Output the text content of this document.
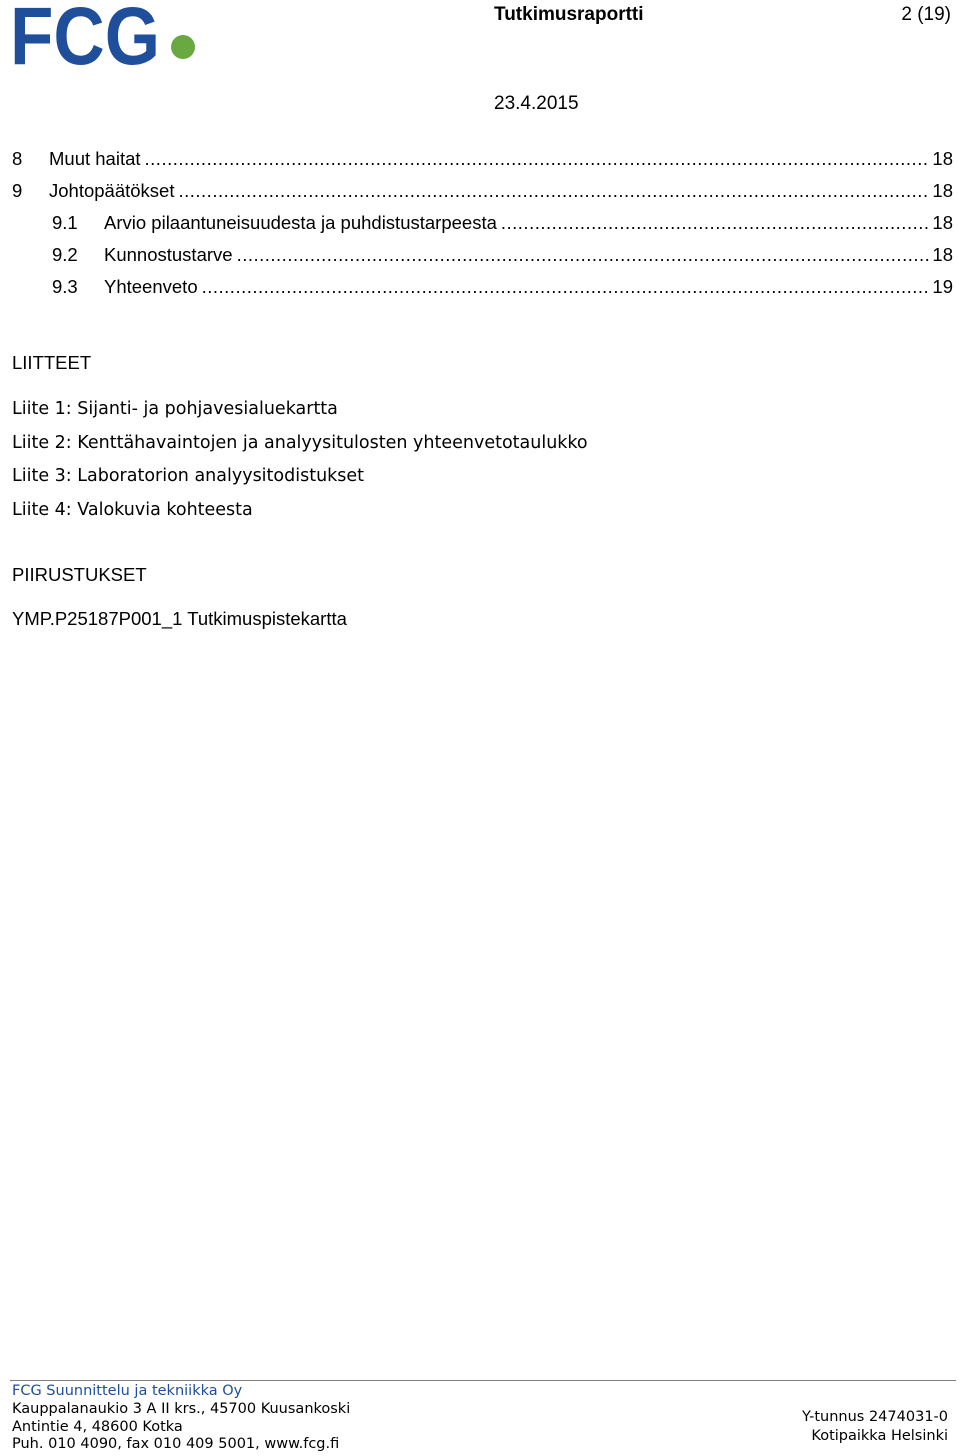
FCG	Tutkimusraportti	2 (19)
23.4.2015
8	Muut haitat .....	18
9	Johtopäätökset .....	18
9.1	Arvio pilaantuneisuudesta ja puhdistustarpeesta .....	18
9.2	Kunnostustarve .....	18
9.3	Yhteenveto .....	19
LIITTEET
Liite 1: Sijanti- ja pohjavesialuekartta
Liite 2: Kenttähavaintojen ja analyysitulosten yhteenvetotaulukko
Liite 3: Laboratorion analyysitodistukset
Liite 4: Valokuvia kohteesta
PIIRUSTUKSET
YMP.P25187P001_1 Tutkimuspistekartta
FCG Suunnittelu ja tekniikka Oy
Kauppalanaukio 3 A II krs., 45700 Kuusankoski
Antintie 4, 48600 Kotka
Puh. 010 4090, fax 010 409 5001, www.fcg.fi
Y-tunnus 2474031-0
Kotipaikka Helsinki
